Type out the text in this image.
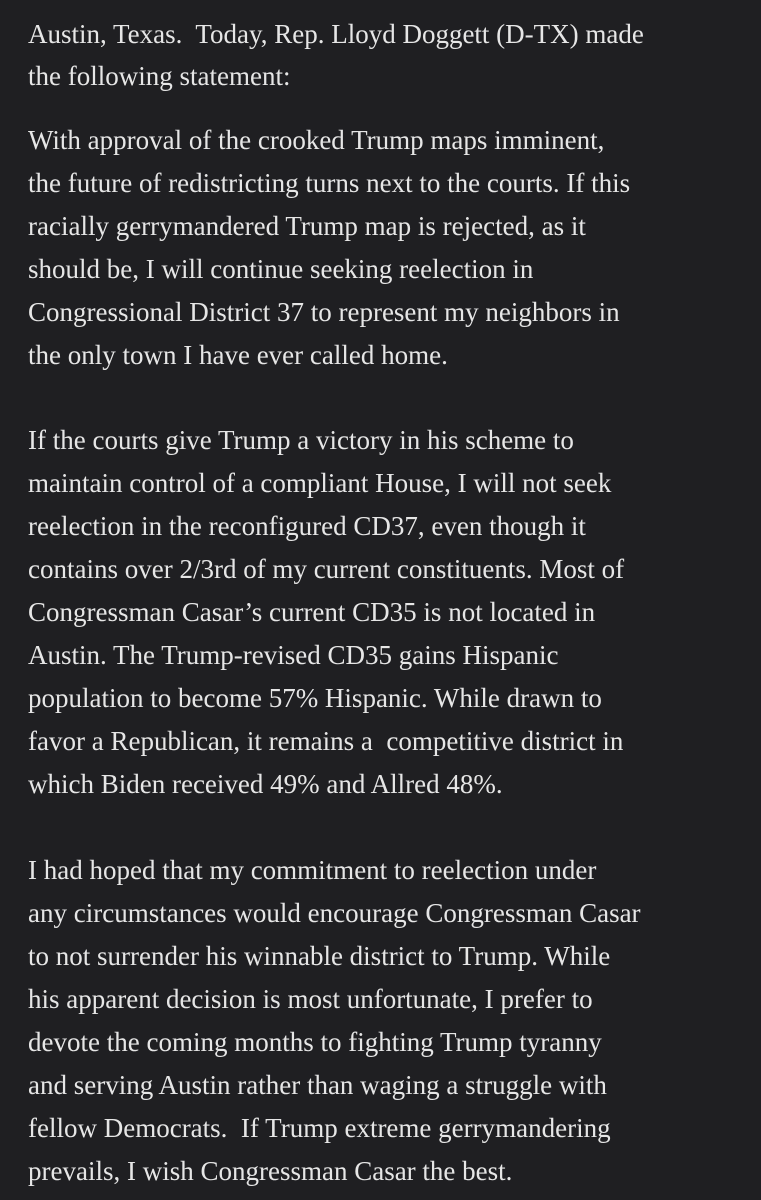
Austin, Texas.  Today, Rep. Lloyd Doggett (D-TX) made
the following statement:
With approval of the crooked Trump maps imminent,
the future of redistricting turns next to the courts. If this
racially gerrymandered Trump map is rejected, as it
should be, I will continue seeking reelection in
Congressional District 37 to represent my neighbors in
the only town I have ever called home.
If the courts give Trump a victory in his scheme to
maintain control of a compliant House, I will not seek
reelection in the reconfigured CD37, even though it
contains over 2/3rd of my current constituents. Most of
Congressman Casar’s current CD35 is not located in
Austin. The Trump-revised CD35 gains Hispanic
population to become 57% Hispanic. While drawn to
favor a Republican, it remains a  competitive district in
which Biden received 49% and Allred 48%.
I had hoped that my commitment to reelection under
any circumstances would encourage Congressman Casar
to not surrender his winnable district to Trump. While
his apparent decision is most unfortunate, I prefer to
devote the coming months to fighting Trump tyranny
and serving Austin rather than waging a struggle with
fellow Democrats.  If Trump extreme gerrymandering
prevails, I wish Congressman Casar the best.
